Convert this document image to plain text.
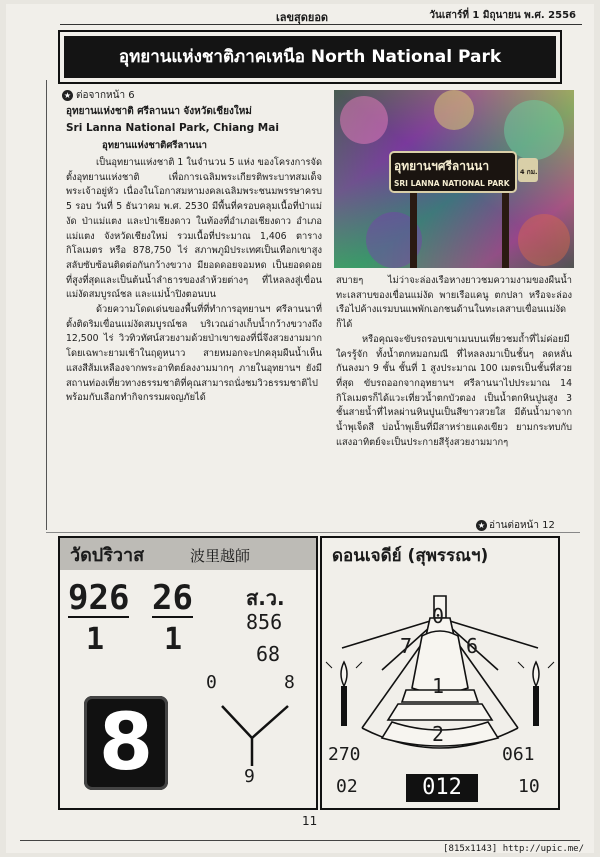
เลขสุดยอด	วันเสาร์ที่ 1 มิถุนายน พ.ศ. 2556
อุทยานแห่งชาติภาคเหนือ North National Park
★ ต่อจากหน้า 6
อุทยานแห่งชาติ ศรีลานนา จังหวัดเชียงใหม่
Sri Lanna National Park, Chiang Mai
อุทยานแห่งชาติศรีลานนา

เป็นอุทยานแห่งชาติ 1 ในจำนวน 5 แห่ง ของโครงการจัดตั้งอุทยานแห่งชาติ เพื่อการเฉลิมพระเกียรติพระบาทสมเด็จพระเจ้าอยู่หัว เนื่องในโอกาสมหามงคลเฉลิมพระชนมพรรษาครบ 5 รอบ วันที่ 5 ธันวาคม พ.ศ. 2530 มีพื้นที่ครอบคลุมเนื้อที่ป่าแม่งัด ป่าแม่แตง และป่าเชียงดาว ในท้องที่อำเภอเชียงดาว อำเภอแม่แตง จังหวัดเชียงใหม่ รวมเนื้อที่ประมาณ 1,406 ตารางกิโลเมตร หรือ 878,750 ไร่ สภาพภูมิประเทศเป็นเทือกเขาสูงสลับซับซ้อนติดต่อกันกว้างขวาง มียอดดอยจอมหด เป็นยอดดอยที่สูงที่สุดและเป็นต้นน้ำลำธารของลำห้วยต่างๆ ที่ไหลลงสู่เขื่อนแม่งัดสมบูรณ์ชล และแม่น้ำปิงตอนบน

ด้วยความโดดเด่นของพื้นที่ที่ทำการอุทยานฯ ศรีลานนาที่ตั้งติดริมเขื่อนแม่งัดสมบูรณ์ชล บริเวณอ่างเก็บน้ำกว้างขวางถึง 12,500 ไร่ วิวทิวทัศน์สวยงามด้วยป่าเขาของที่นี่จึงสวยงามมาก โดยเฉพาะยามเช้าในฤดูหนาว สายหมอกจะปกคลุมผืนน้ำเห็นแสงสีส้มเหลืองจากพระอาทิตย์ลงงามมากๆ ภายในอุทยานฯ ยังมีสถานท่องเที่ยวทางธรรมชาติที่คุณสามารถนั่งชมวิวธรรมชาติไปพร้อมกับเลือกทำกิจกรรมผจญภัยได้

อุทยานฯศรีลานนา
SRI LANNA NATIONAL PARK
4 กม.

สบายๆ ไม่ว่าจะล่องเรือหางยาวชมความงามของผืนน้ำทะเลสาบของเขื่อนแม่งัด พายเรือแคนู ตกปลา หรือจะล่องเรือไปค้างแรมบนแพพักเอกชนด้านในทะเลสาบเขื่อนแม่งัดก็ได้

หรือคุณจะขับรถรอบเขาเมนบนเที่ยวชมถ้ำที่ไม่ค่อยมีใครรู้จัก ทั้งน้ำตกหมอกมณี ที่ไหลลงมาเป็นชั้นๆ ลดหลั่นกันลงมา 9 ชั้น ชั้นที่ 1 สูงประมาณ 100 เมตรเป็นชั้นที่สวยที่สุด ขับรถออกจากอุทยานฯ ศรีลานนาไปประมาณ 14 กิโลเมตรก็ได้แวะเที่ยวน้ำตกบัวตอง เป็นน้ำตกหินปูนสูง 3 ชั้นสายน้ำที่ไหลผ่านหินปูนเป็นสีขาวสวยใส มีต้นน้ำมาจากน้ำพุเจ็ดสี บ่อน้ำพุเย็นที่มีสาหร่ายแดงเขียว ยามกระทบกับแสงอาทิตย์จะเป็นประกายสีรุ้งสวยงามมากๆ

★ อ่านต่อหน้า 12
วัดปริวาส	波里越師
926
1
26
1
ส.ว.
856
68
8
0	8
9
ดอนเจดีย์ (สุพรรณฯ)
0
7	6
1
2
270	061
02	012	10
11
[815x1143] http://upic.me/
